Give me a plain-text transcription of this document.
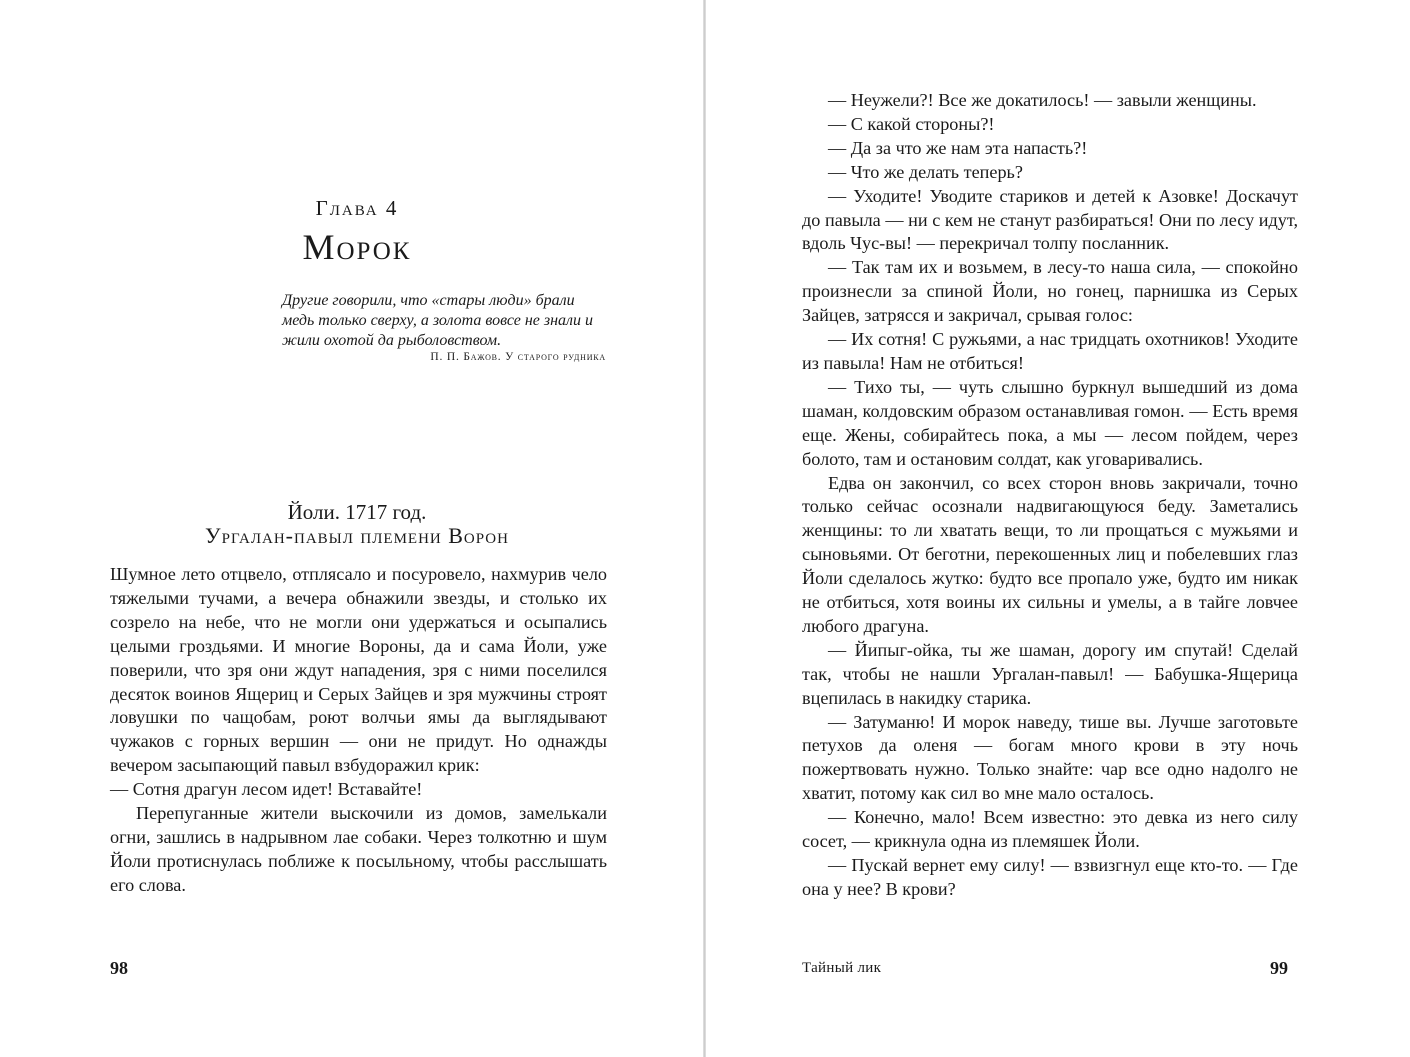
Глава 4
Морок
Другие говорили, что «стары люди» брали медь только сверху, а золота вовсе не знали и жили охотой да рыболовством.
П. П. Бажов. У старого рудника
Йоли. 1717 год.
Ургалан-павыл племени Ворон

Шумное лето отцвело, отплясало и посуровело, нахмурив чело тяжелыми тучами, а вечера обнажили звезды, и столько их созрело на небе, что не могли они удержаться и осыпались целыми гроздьями. И многие Вороны, да и сама Йоли, уже поверили, что зря они ждут нападения, зря с ними поселился десяток воинов Ящериц и Серых Зайцев и зря мужчины строят ловушки по чащобам, роют волчьи ямы да выглядывают чужаков с горных вершин — они не придут. Но однажды вечером засыпающий павыл взбудоражил крик:

— Сотня драгун лесом идет! Вставайте!

Перепуганные жители выскочили из домов, замелькали огни, зашлись в надрывном лае собаки. Через толкотню и шум Йоли протиснулась поближе к посыльному, чтобы расслышать его слова.

98

— Неужели?! Все же докатилось! — завыли женщины.

— С какой стороны?!

— Да за что же нам эта напасть?!

— Что же делать теперь?

— Уходите! Уводите стариков и детей к Азовке! Доскачут до павыла — ни с кем не станут разбираться! Они по лесу идут, вдоль Чус-вы! — перекричал толпу посланник.

— Так там их и возьмем, в лесу-то наша сила, — спокойно произнесли за спиной Йоли, но гонец, парнишка из Серых Зайцев, затрясся и закричал, срывая голос:

— Их сотня! С ружьями, а нас тридцать охотников! Уходите из павыла! Нам не отбиться!

— Тихо ты, — чуть слышно буркнул вышедший из дома шаман, колдовским образом останавливая гомон. — Есть время еще. Жены, собирайтесь пока, а мы — лесом пойдем, через болото, там и остановим солдат, как уговаривались.

Едва он закончил, со всех сторон вновь закричали, точно только сейчас осознали надвигающуюся беду. Заметались женщины: то ли хватать вещи, то ли прощаться с мужьями и сыновьями. От беготни, перекошенных лиц и побелевших глаз Йоли сделалось жутко: будто все пропало уже, будто им никак не отбиться, хотя воины их сильны и умелы, а в тайге ловчее любого драгуна.

— Йипыг-ойка, ты же шаман, дорогу им спутай! Сделай так, чтобы не нашли Ургалан-павыл! — Бабушка-Ящерица вцепилась в накидку старика.

— Затуманю! И морок наведу, тише вы. Лучше заготовьте петухов да оленя — богам много крови в эту ночь пожертвовать нужно. Только знайте: чар все одно надолго не хватит, потому как сил во мне мало осталось.

— Конечно, мало! Всем известно: это девка из него силу сосет, — крикнула одна из племяшек Йоли.

— Пускай вернет ему силу! — взвизгнул еще кто-то. — Где она у нее? В крови?

Тайный лик	99
